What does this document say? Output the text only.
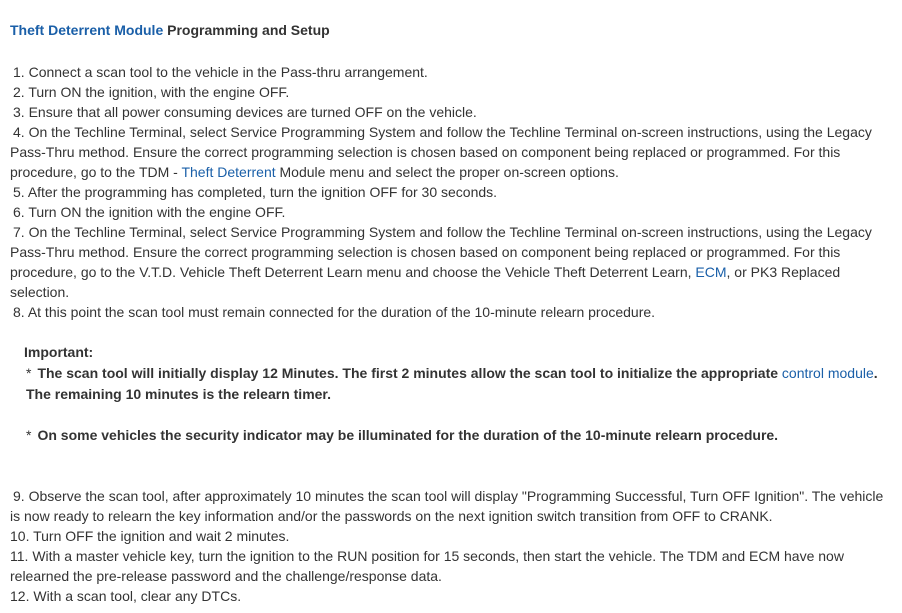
Theft Deterrent Module Programming and Setup
1. Connect a scan tool to the vehicle in the Pass-thru arrangement.
2. Turn ON the ignition, with the engine OFF.
3. Ensure that all power consuming devices are turned OFF on the vehicle.
4. On the Techline Terminal, select Service Programming System and follow the Techline Terminal on-screen instructions, using the Legacy Pass-Thru method. Ensure the correct programming selection is chosen based on component being replaced or programmed. For this procedure, go to the TDM - Theft Deterrent Module menu and select the proper on-screen options.
5. After the programming has completed, turn the ignition OFF for 30 seconds.
6. Turn ON the ignition with the engine OFF.
7. On the Techline Terminal, select Service Programming System and follow the Techline Terminal on-screen instructions, using the Legacy Pass-Thru method. Ensure the correct programming selection is chosen based on component being replaced or programmed. For this procedure, go to the V.T.D. Vehicle Theft Deterrent Learn menu and choose the Vehicle Theft Deterrent Learn, ECM, or PK3 Replaced selection.
8. At this point the scan tool must remain connected for the duration of the 10-minute relearn procedure.
Important:
* The scan tool will initially display 12 Minutes. The first 2 minutes allow the scan tool to initialize the appropriate control module. The remaining 10 minutes is the relearn timer.
* On some vehicles the security indicator may be illuminated for the duration of the 10-minute relearn procedure.
9. Observe the scan tool, after approximately 10 minutes the scan tool will display "Programming Successful, Turn OFF Ignition". The vehicle is now ready to relearn the key information and/or the passwords on the next ignition switch transition from OFF to CRANK.
10. Turn OFF the ignition and wait 2 minutes.
11. With a master vehicle key, turn the ignition to the RUN position for 15 seconds, then start the vehicle. The TDM and ECM have now relearned the pre-release password and the challenge/response data.
12. With a scan tool, clear any DTCs.
